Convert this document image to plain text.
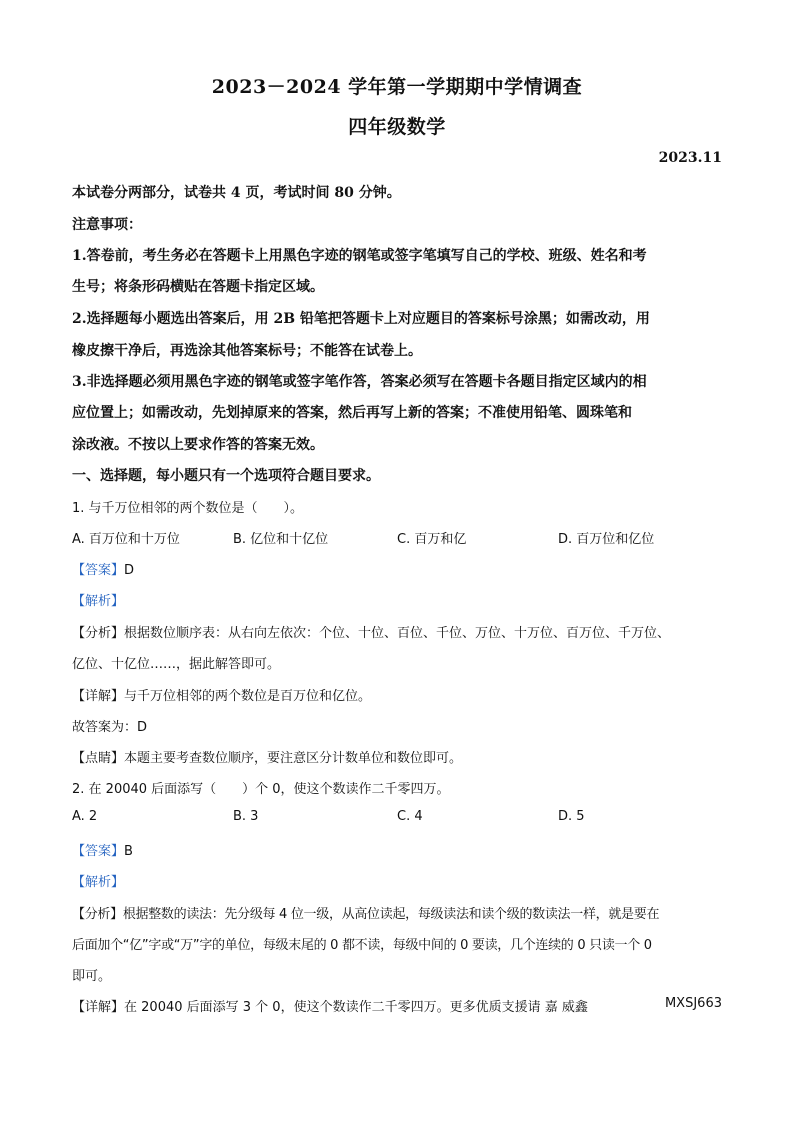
2023－2024 学年第一学期期中学情调查
四年级数学
2023.11
本试卷分两部分，试卷共 4 页，考试时间 80 分钟。
注意事项：
1.答卷前，考生务必在答题卡上用黑色字迹的钢笔或签字笔填写自己的学校、班级、姓名和考
生号；将条形码横贴在答题卡指定区域。
2.选择题每小题选出答案后，用 2B 铅笔把答题卡上对应题目的答案标号涂黑；如需改动，用
橡皮擦干净后，再选涂其他答案标号；不能答在试卷上。
3.非选择题必须用黑色字迹的钢笔或签字笔作答，答案必须写在答题卡各题目指定区域内的相
应位置上；如需改动，先划掉原来的答案，然后再写上新的答案；不准使用铅笔、圆珠笔和
涂改液。不按以上要求作答的答案无效。
一、选择题，每小题只有一个选项符合题目要求。
1. 与千万位相邻的两个数位是（　　）。
A. 百万位和十万位	B. 亿位和十亿位	C. 百万和亿	D. 百万位和亿位
【答案】D
【解析】
【分析】根据数位顺序表：从右向左依次：个位、十位、百位、千位、万位、十万位、百万位、千万位、
亿位、十亿位……，据此解答即可。
【详解】与千万位相邻的两个数位是百万位和亿位。
故答案为：D
【点睛】本题主要考查数位顺序，要注意区分计数单位和数位即可。
2. 在 20040 后面添写（　　）个 0，使这个数读作二千零四万。
A. 2	B. 3	C. 4	D. 5
【答案】B
【解析】
【分析】根据整数的读法：先分级每 4 位一级，从高位读起，每级读法和读个级的数读法一样，就是要在
后面加个“亿”字或“万”字的单位，每级末尾的 0 都不读，每级中间的 0 要读，几个连续的 0 只读一个 0
即可。
【详解】在 20040 后面添写 3 个 0，使这个数读作二千零四万。更多优质支援请 嘉 威鑫	MXSJ663
